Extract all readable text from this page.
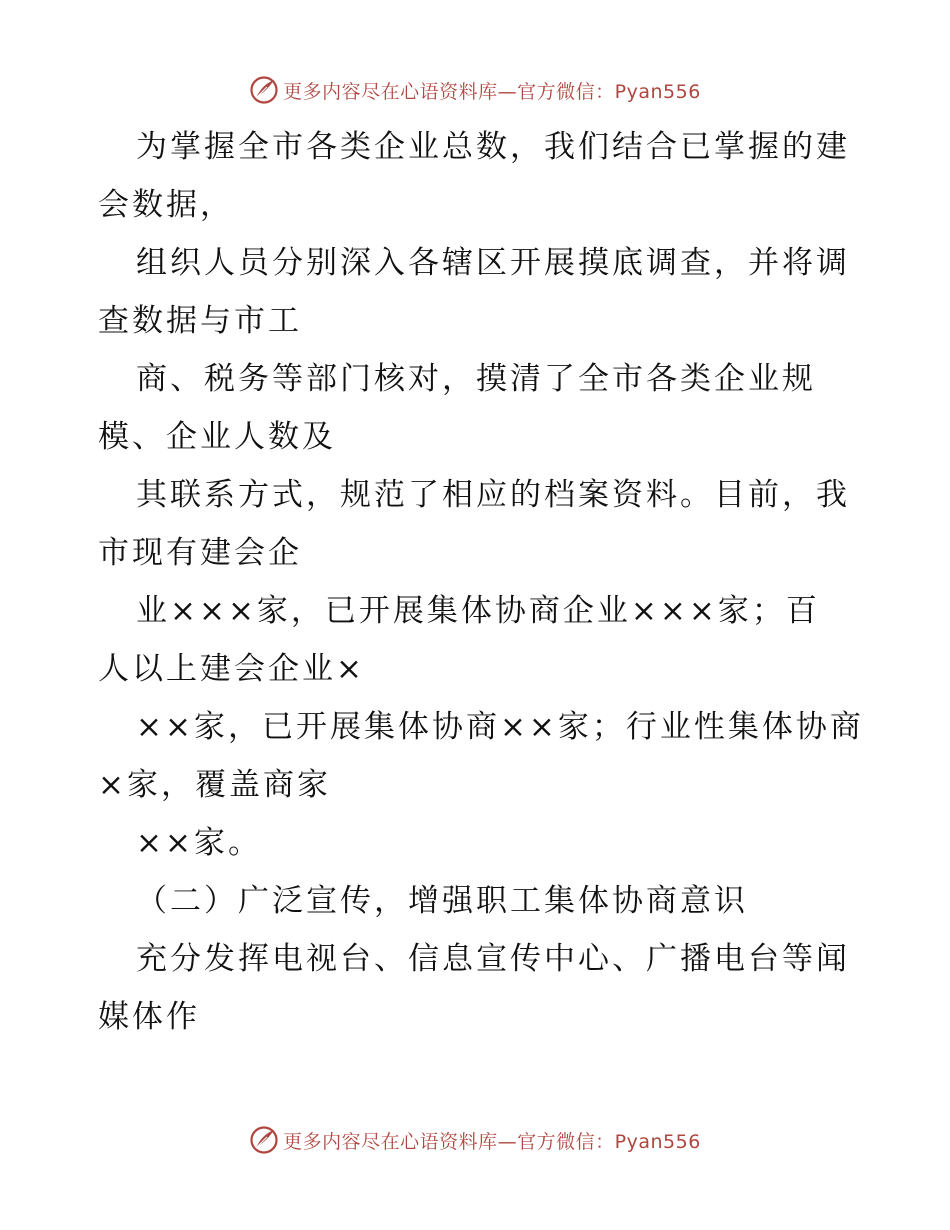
更多内容尽在心语资料库—官方微信：Pyan556
为掌握全市各类企业总数，我们结合已掌握的建
会数据，
组织人员分别深入各辖区开展摸底调查，并将调
查数据与市工
商、税务等部门核对，摸清了全市各类企业规
模、企业人数及
其联系方式，规范了相应的档案资料。目前，我
市现有建会企
业×××家，已开展集体协商企业×××家；百
人以上建会企业×
××家，已开展集体协商××家；行业性集体协商
×家，覆盖商家
××家。
（二）广泛宣传，增强职工集体协商意识
充分发挥电视台、信息宣传中心、广播电台等闻
媒体作
更多内容尽在心语资料库—官方微信：Pyan556
